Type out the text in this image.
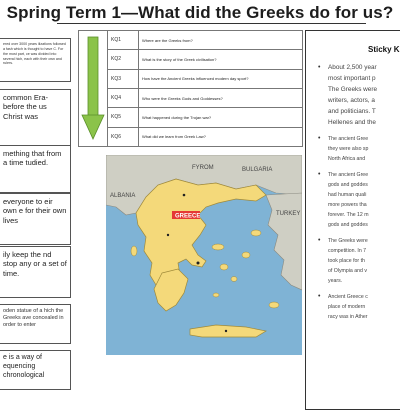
Spring Term 1—What did the Greeks do for us?
ered over 3000 years ilizations followed a fash which is thought to have C. For the most part, ce was divided into several hich, each with their own and rulers.
common Era- before the us Christ was
mething that from a time tudied.
everyone to eir own e for their own lives
ily keep the nd stop any or a set of time.
oden statue of a hich the Greeks ave concealed in order to enter
e is a way of equencing chronological
	KQ1	Where are the Greeks from?
	KQ2	What is the story of the Greek civilisation?
	KQ3	How have the Ancient Greeks influenced modern day sport?
	KQ4	Who were the Greeks Gods and Goddesses?
	KQ5	What happened during the Trojan war?
	KQ6	What did we learn from Greek Law?
FYROM
ALBANIA
BULGARIA
TURKEY
GREECE
Sticky K
• About 2,500 year
most important p
The Greeks were
writers, actors, a
and politicians. T
Hellenes and the
• The ancient Gree
they were also sp
North Africa and
• The ancient Gree
gods and goddes
had human quali
more powers tha
forever. The 12 m
gods and goddes
• The Greeks were
competition. In 7
took place for th
of Olympia and v
years.
• Ancient Greece c
place of modern
racy was in Ather
